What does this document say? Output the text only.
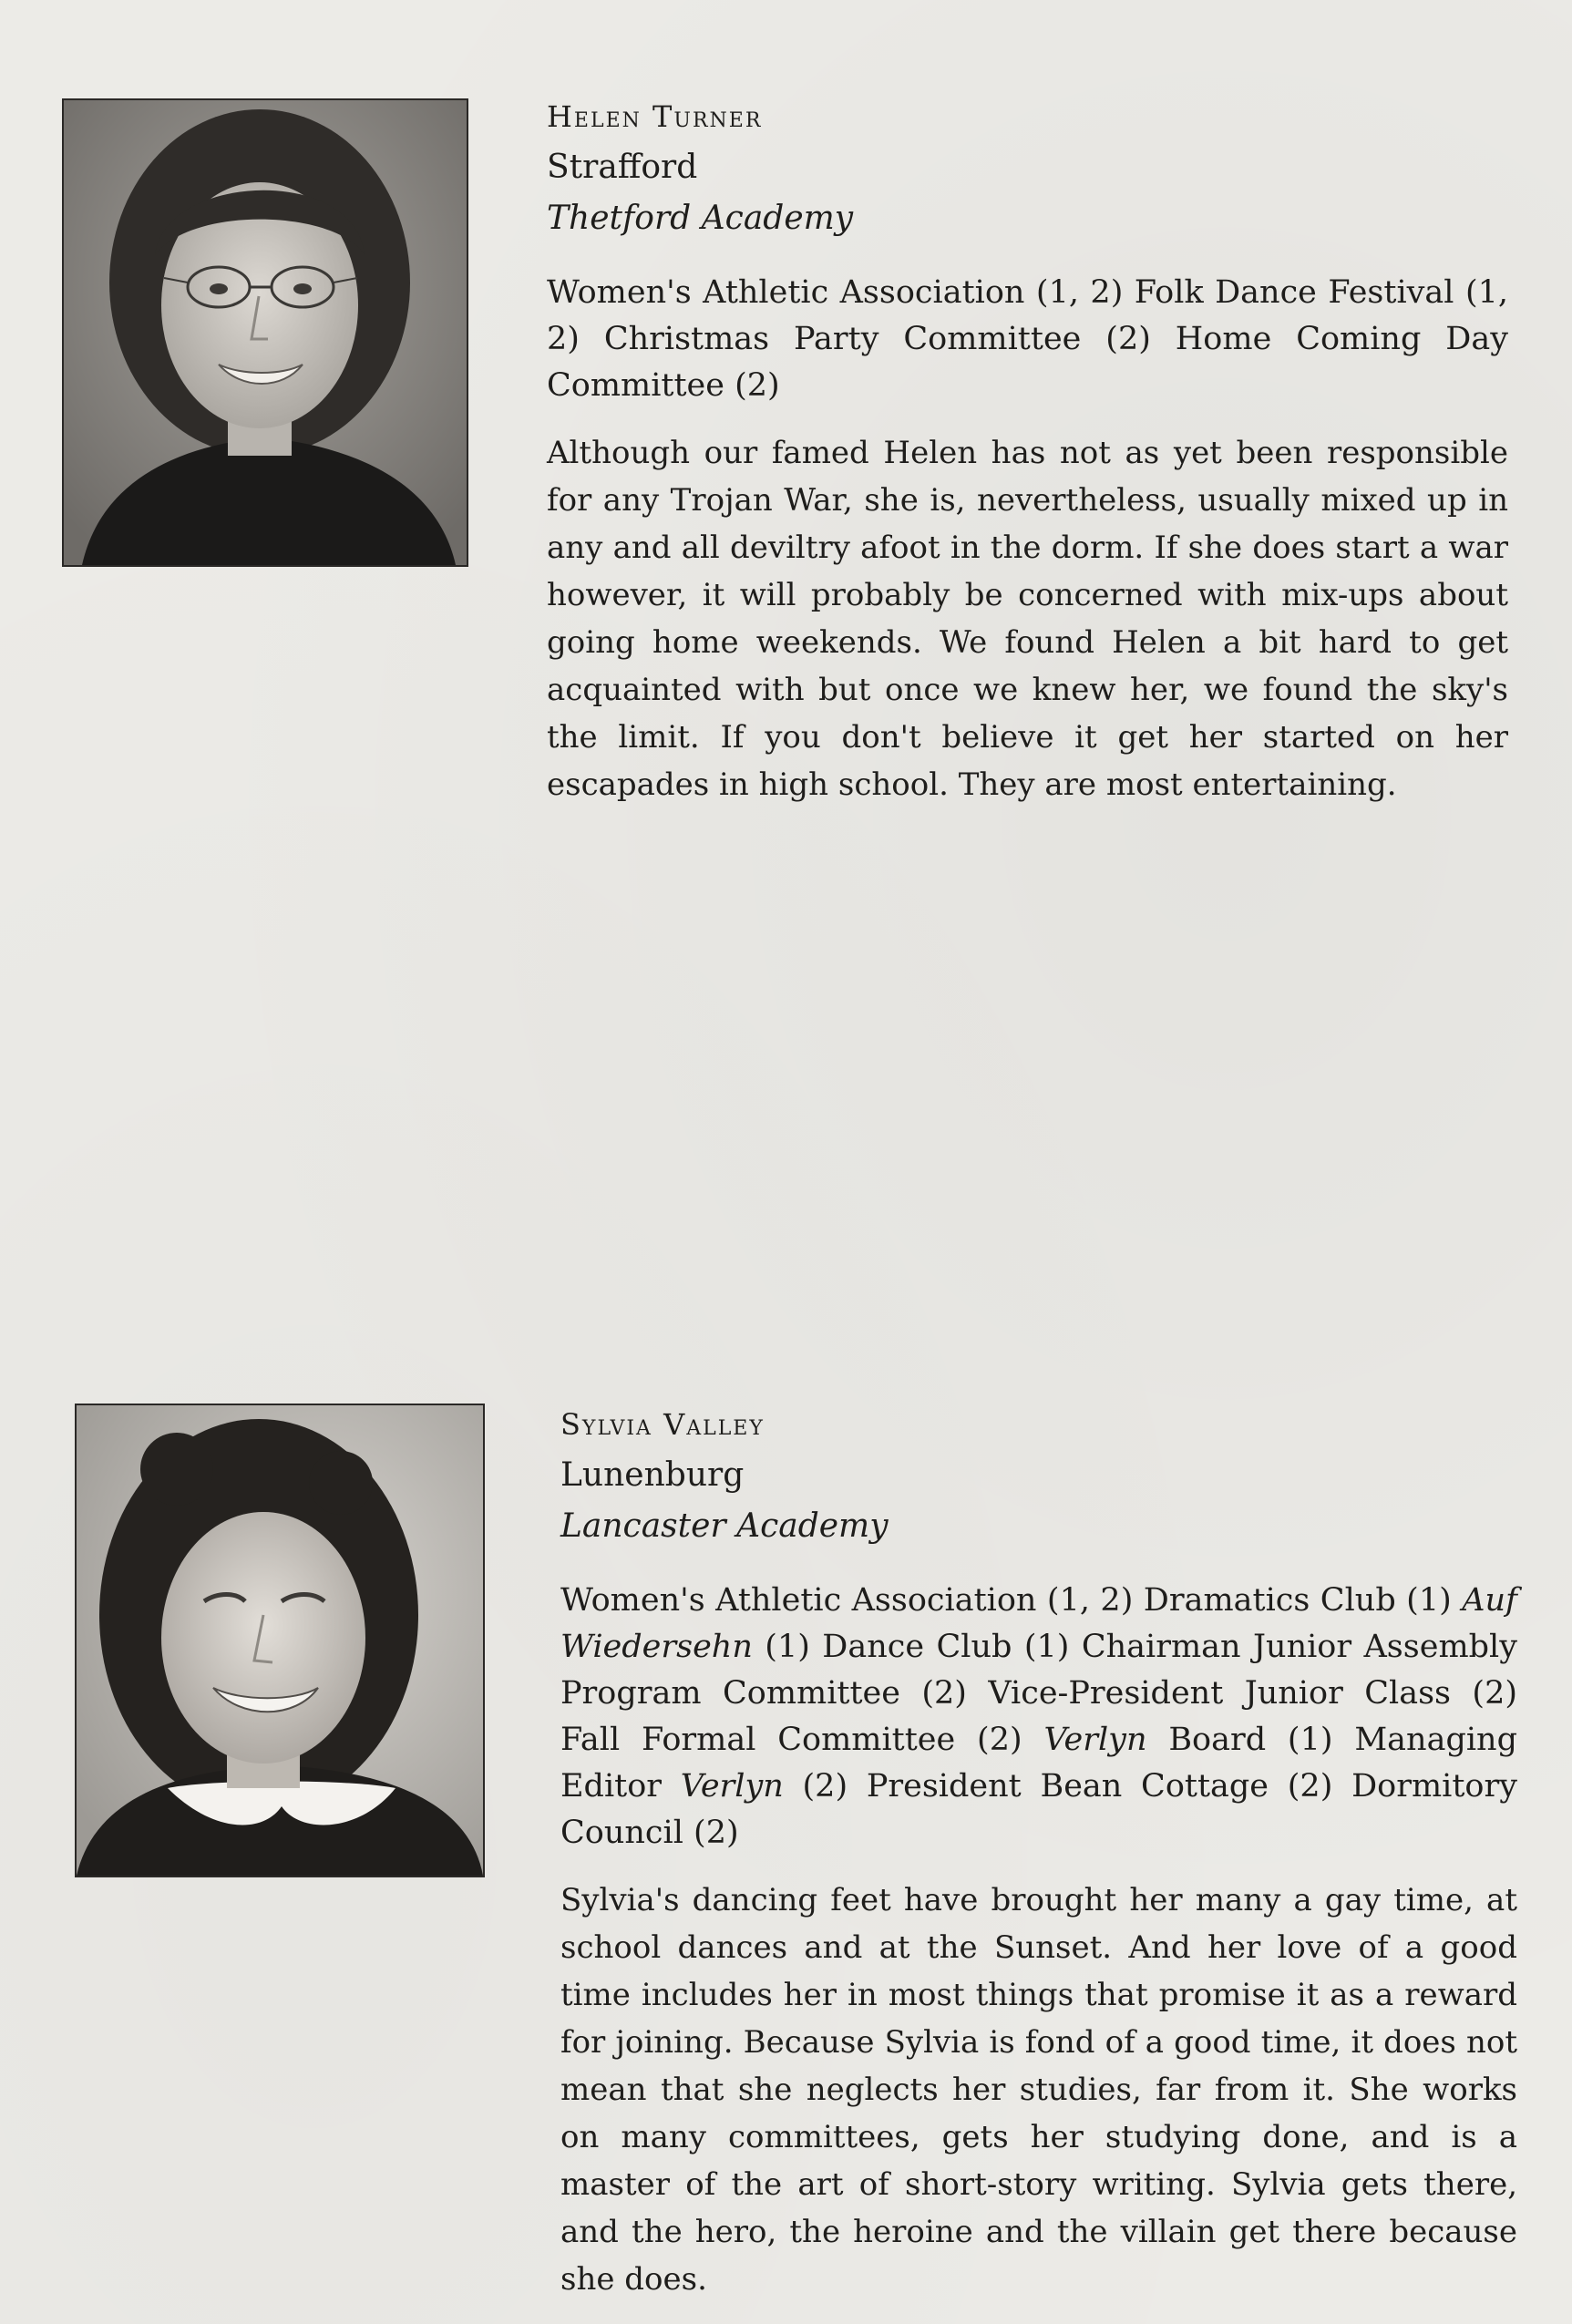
Helen Turner

Strafford

Thetford Academy

Women's Athletic Association (1, 2) Folk Dance Festival (1, 2) Christmas Party Committee (2) Home Coming Day Committee (2)

Although our famed Helen has not as yet been responsible for any Trojan War, she is, nevertheless, usually mixed up in any and all deviltry afoot in the dorm. If she does start a war however, it will probably be concerned with mix-ups about going home weekends. We found Helen a bit hard to get acquainted with but once we knew her, we found the sky's the limit. If you don't believe it get her started on her escapades in high school. They are most entertaining.

Sylvia Valley

Lunenburg

Lancaster Academy

Women's Athletic Association (1, 2) Dramatics Club (1) Auf Wiedersehn (1) Dance Club (1) Chairman Junior Assembly Program Committee (2) Vice-President Junior Class (2) Fall Formal Committee (2) Verlyn Board (1) Managing Editor Verlyn (2) President Bean Cottage (2) Dormitory Council (2)

Sylvia's dancing feet have brought her many a gay time, at school dances and at the Sunset. And her love of a good time includes her in most things that promise it as a reward for joining. Because Sylvia is fond of a good time, it does not mean that she neglects her studies, far from it. She works on many committees, gets her studying done, and is a master of the art of short-story writing. Sylvia gets there, and the hero, the heroine and the villain get there because she does.
